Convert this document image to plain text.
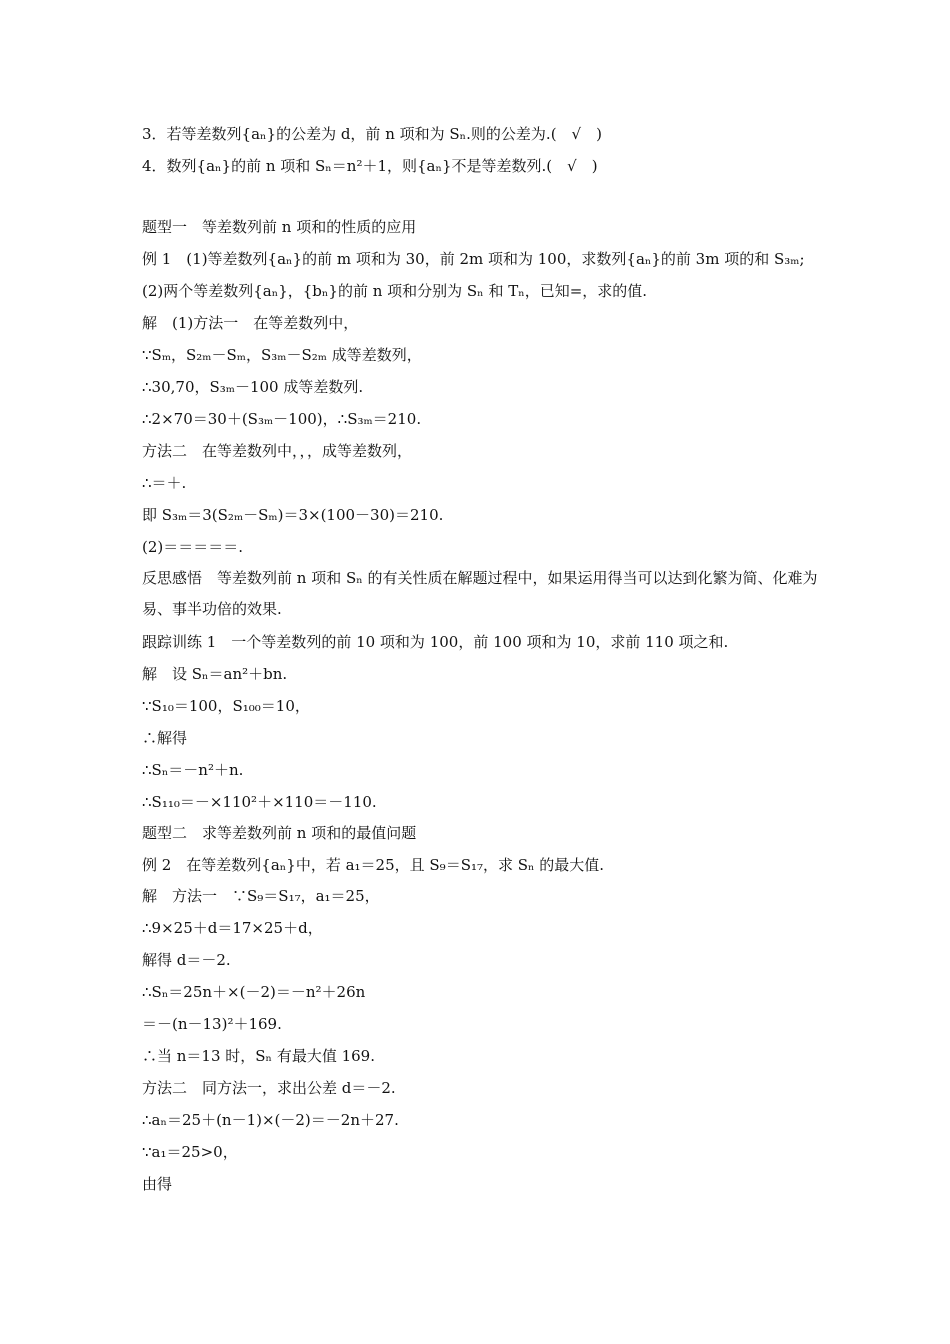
3．若等差数列{aₙ}的公差为 d，前 n 项和为 Sₙ.则的公差为.(　√　)
4．数列{aₙ}的前 n 项和 Sₙ＝n²＋1，则{aₙ}不是等差数列.(　√　)
题型一　等差数列前 n 项和的性质的应用
例 1　(1)等差数列{aₙ}的前 m 项和为 30，前 2m 项和为 100，求数列{aₙ}的前 3m 项的和 S₃ₘ;
(2)两个等差数列{aₙ}，{bₙ}的前 n 项和分别为 Sₙ 和 Tₙ，已知=，求的值.
解　(1)方法一　在等差数列中，
∵Sₘ，S₂ₘ－Sₘ，S₃ₘ－S₂ₘ 成等差数列，
∴30,70，S₃ₘ－100 成等差数列.
∴2×70＝30＋(S₃ₘ－100)，∴S₃ₘ＝210.
方法二　在等差数列中，，，成等差数列，
∴＝＋.
即 S₃ₘ＝3(S₂ₘ－Sₘ)＝3×(100－30)＝210.
(2)＝＝＝＝＝.
反思感悟　等差数列前 n 项和 Sₙ 的有关性质在解题过程中，如果运用得当可以达到化繁为简、化难为易、事半功倍的效果.
跟踪训练 1　一个等差数列的前 10 项和为 100，前 100 项和为 10，求前 110 项之和.
解　设 Sₙ＝an²＋bn.
∵S₁₀＝100，S₁₀₀＝10，
∴解得
∴Sₙ＝－n²＋n.
∴S₁₁₀＝－×110²＋×110＝－110.
题型二　求等差数列前 n 项和的最值问题
例 2　在等差数列{aₙ}中，若 a₁＝25，且 S₉＝S₁₇，求 Sₙ 的最大值.
解　方法一　∵S₉＝S₁₇，a₁＝25，
∴9×25＋d＝17×25＋d，
解得 d＝－2.
∴Sₙ＝25n＋×(－2)＝－n²＋26n
＝－(n－13)²＋169.
∴当 n＝13 时，Sₙ 有最大值 169.
方法二　同方法一，求出公差 d＝－2.
∴aₙ＝25＋(n－1)×(－2)＝－2n＋27.
∵a₁＝25>0，
由得
